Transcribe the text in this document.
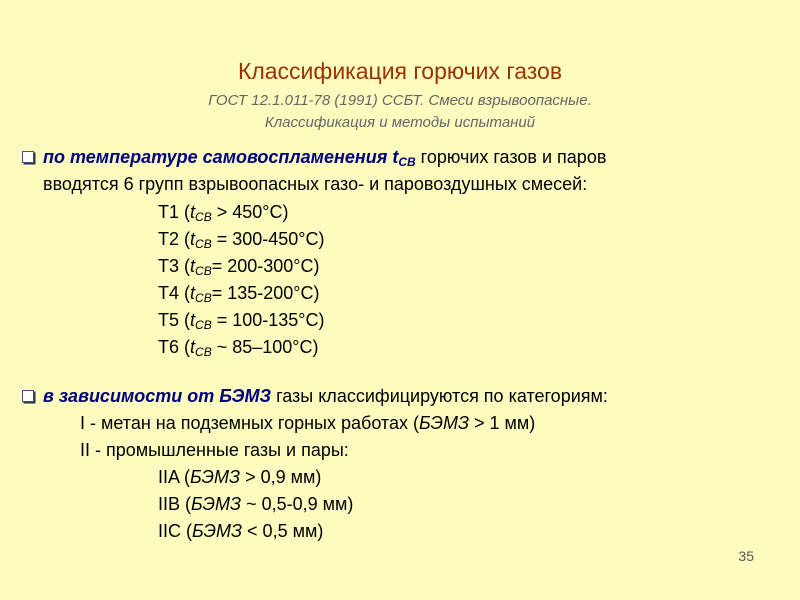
Классификация горючих газов
ГОСТ 12.1.011-78 (1991) ССБТ. Смеси взрывоопасные.
Классификация и методы испытаний
по температуре самовоспламенения $t_{СВ}$ горючих газов и паров
вводятся 6 групп взрывоопасных газо- и паровоздушных смесей:
Т1 $(t_{СВ} > 450^\circ С)$
Т2 $(t_{СВ} = 300-450^\circ С)$
Т3 $(t_{СВ}= 200-300^\circ С)$
Т4 $(t_{СВ}= 135-200^\circ С)$
Т5 $(t_{СВ} = 100-135^\circ С)$
Т6 ($t_{СВ}$ ~ 85–100°С)
в зависимости от БЭМЗ газы классифицируются по категориям:
I - метан на подземных горных работах (БЭМЗ > 1 мм)
II - промышленные газы и пары:
IIA (БЭМЗ > 0,9 мм)
IIB (БЭМЗ ~ 0,5-0,9 мм)
IIC (БЭМЗ < 0,5 мм)
35
